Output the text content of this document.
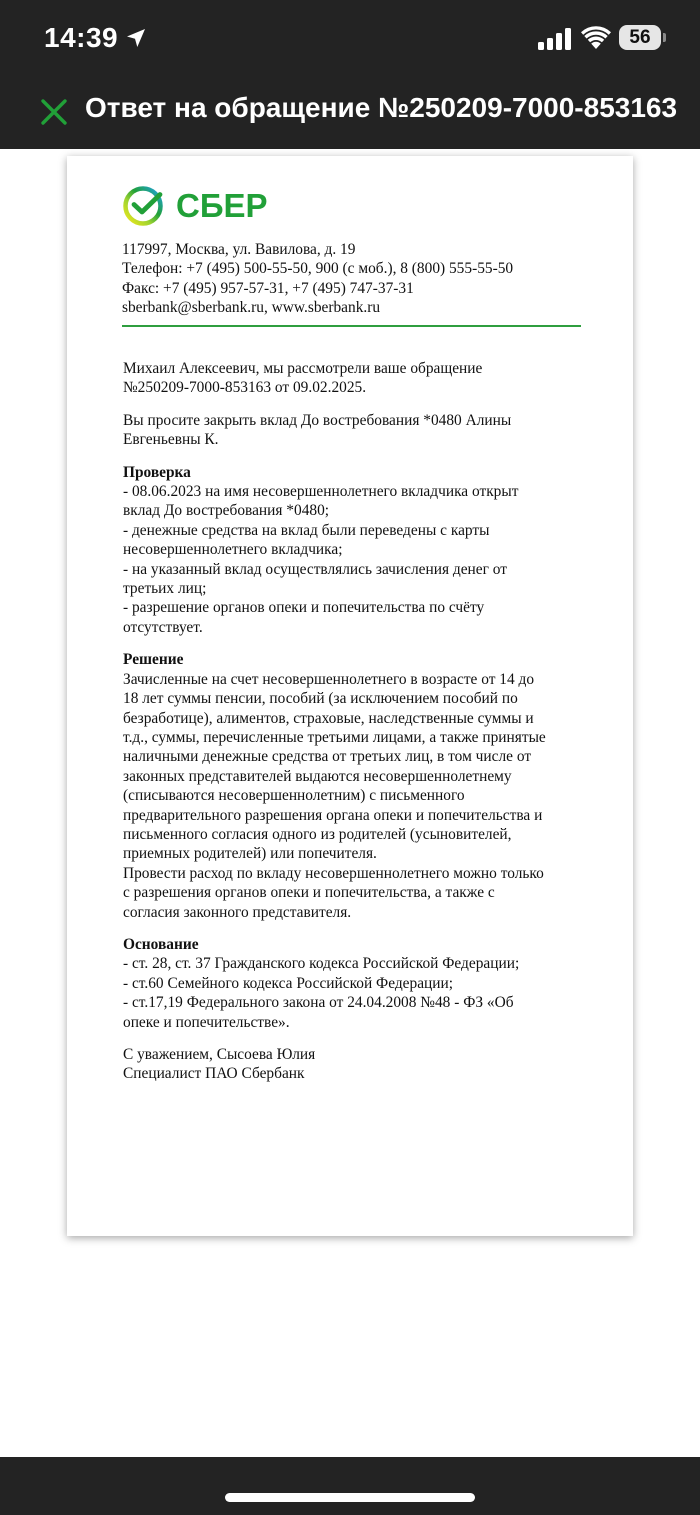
14:39	56
Ответ на обращение №250209-7000-853163
СБЕР
117997, Москва, ул. Вавилова, д. 19
Телефон: +7 (495) 500-55-50, 900 (с моб.), 8 (800) 555-55-50
Факс: +7 (495) 957-57-31, +7 (495) 747-37-31
sberbank@sberbank.ru, www.sberbank.ru

Михаил Алексеевич, мы рассмотрели ваше обращение
№250209-7000-853163 от 09.02.2025.

Вы просите закрыть вклад До востребования *0480 Алины
Евгеньевны К.

Проверка
- 08.06.2023 на имя несовершеннолетнего вкладчика открыт
вклад До востребования *0480;
- денежные средства на вклад были переведены с карты
несовершеннолетнего вкладчика;
- на указанный вклад осуществлялись зачисления денег от
третьих лиц;
- разрешение органов опеки и попечительства по счёту
отсутствует.

Решение
Зачисленные на счет несовершеннолетнего в возрасте от 14 до
18 лет суммы пенсии, пособий (за исключением пособий по
безработице), алиментов, страховые, наследственные суммы и
т.д., суммы, перечисленные третьими лицами, а также принятые
наличными денежные средства от третьих лиц, в том числе от
законных представителей выдаются несовершеннолетнему
(списываются несовершеннолетним) с письменного
предварительного разрешения органа опеки и попечительства и
письменного согласия одного из родителей (усыновителей,
приемных родителей) или попечителя.
Провести расход по вкладу несовершеннолетнего можно только
с разрешения органов опеки и попечительства, а также с
согласия законного представителя.

Основание
- ст. 28, ст. 37 Гражданского кодекса Российской Федерации;
- ст.60 Семейного кодекса Российской Федерации;
- ст.17,19 Федерального закона от 24.04.2008 №48 - ФЗ «Об
опеке и попечительстве».

С уважением, Сысоева Юлия
Специалист ПАО Сбербанк
